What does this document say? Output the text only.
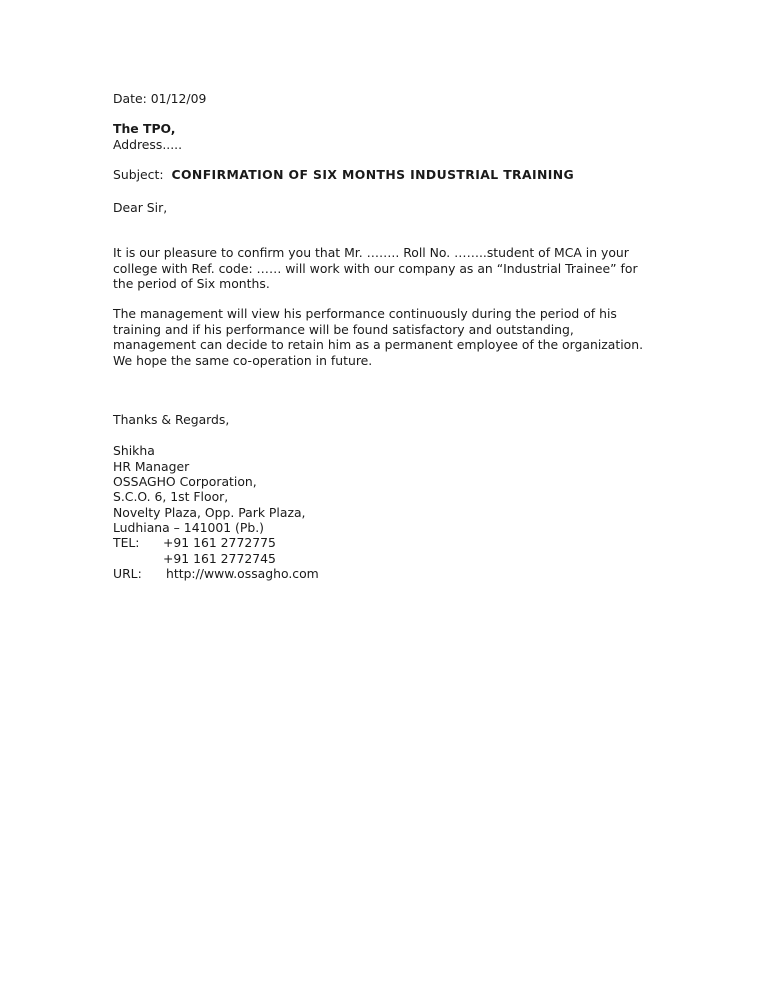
Date: 01/12/09
The TPO,
Address.....
Subject: CONFIRMATION OF SIX MONTHS INDUSTRIAL TRAINING
Dear Sir,
It is our pleasure to confirm you that Mr. …….. Roll No. ……..student of MCA in your
college with Ref. code: …… will work with our company as an “Industrial Trainee” for
the period of Six months.
The management will view his performance continuously during the period of his
training and if his performance will be found satisfactory and outstanding,
management can decide to retain him as a permanent employee of the organization.
We hope the same co-operation in future.
Thanks & Regards,
Shikha
HR Manager
OSSAGHO Corporation,
S.C.O. 6, 1st Floor,
Novelty Plaza, Opp. Park Plaza,
Ludhiana – 141001 (Pb.)
TEL: +91 161 2772775
+91 161 2772745
URL: http://www.ossagho.com
